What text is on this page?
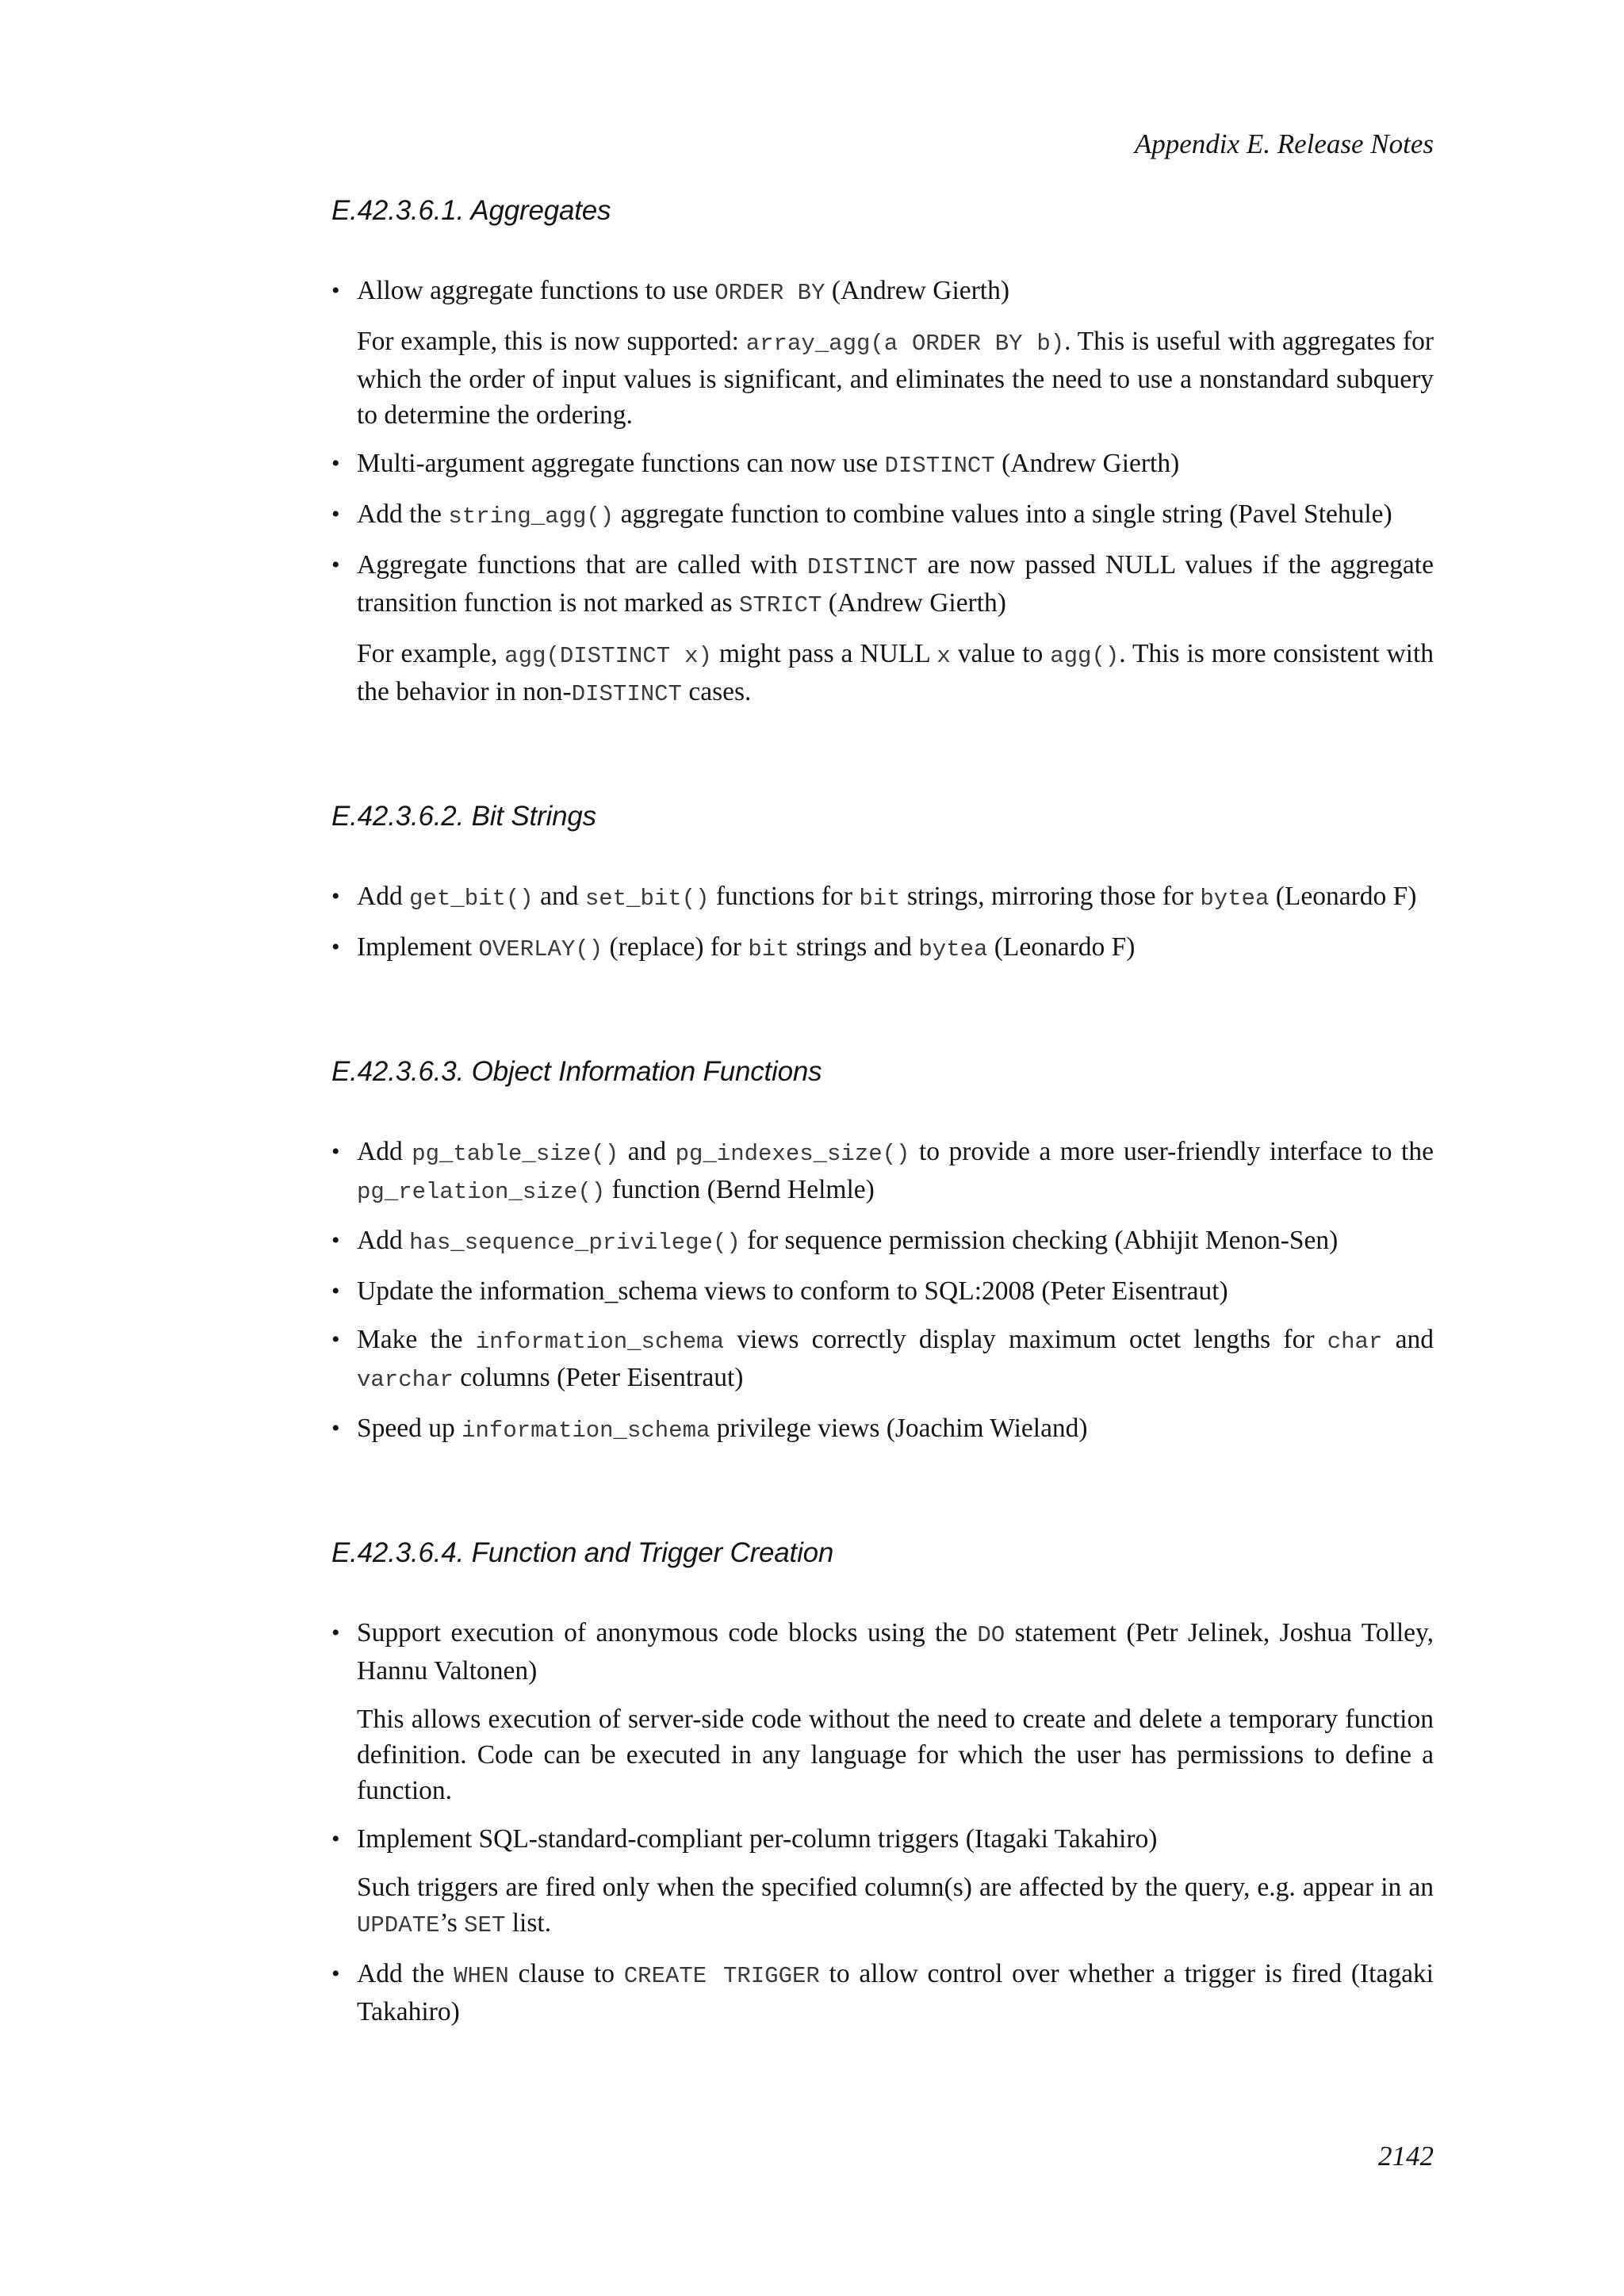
Appendix E. Release Notes
E.42.3.6.1. Aggregates

• Allow aggregate functions to use ORDER BY (Andrew Gierth)

For example, this is now supported: array_agg(a ORDER BY b). This is useful with aggregates for which the order of input values is significant, and eliminates the need to use a nonstandard subquery to determine the ordering.

• Multi-argument aggregate functions can now use DISTINCT (Andrew Gierth)

• Add the string_agg() aggregate function to combine values into a single string (Pavel Stehule)

• Aggregate functions that are called with DISTINCT are now passed NULL values if the aggregate transition function is not marked as STRICT (Andrew Gierth)

For example, agg(DISTINCT x) might pass a NULL x value to agg(). This is more consistent with the behavior in non-DISTINCT cases.

E.42.3.6.2. Bit Strings

• Add get_bit() and set_bit() functions for bit strings, mirroring those for bytea (Leonardo F)

• Implement OVERLAY() (replace) for bit strings and bytea (Leonardo F)

E.42.3.6.3. Object Information Functions

• Add pg_table_size() and pg_indexes_size() to provide a more user-friendly interface to the pg_relation_size() function (Bernd Helmle)

• Add has_sequence_privilege() for sequence permission checking (Abhijit Menon-Sen)

• Update the information_schema views to conform to SQL:2008 (Peter Eisentraut)

• Make the information_schema views correctly display maximum octet lengths for char and varchar columns (Peter Eisentraut)

• Speed up information_schema privilege views (Joachim Wieland)

E.42.3.6.4. Function and Trigger Creation

• Support execution of anonymous code blocks using the DO statement (Petr Jelinek, Joshua Tolley, Hannu Valtonen)

This allows execution of server-side code without the need to create and delete a temporary function definition. Code can be executed in any language for which the user has permissions to define a function.

• Implement SQL-standard-compliant per-column triggers (Itagaki Takahiro)

Such triggers are fired only when the specified column(s) are affected by the query, e.g. appear in an UPDATE’s SET list.

• Add the WHEN clause to CREATE TRIGGER to allow control over whether a trigger is fired (Itagaki Takahiro)

2142
